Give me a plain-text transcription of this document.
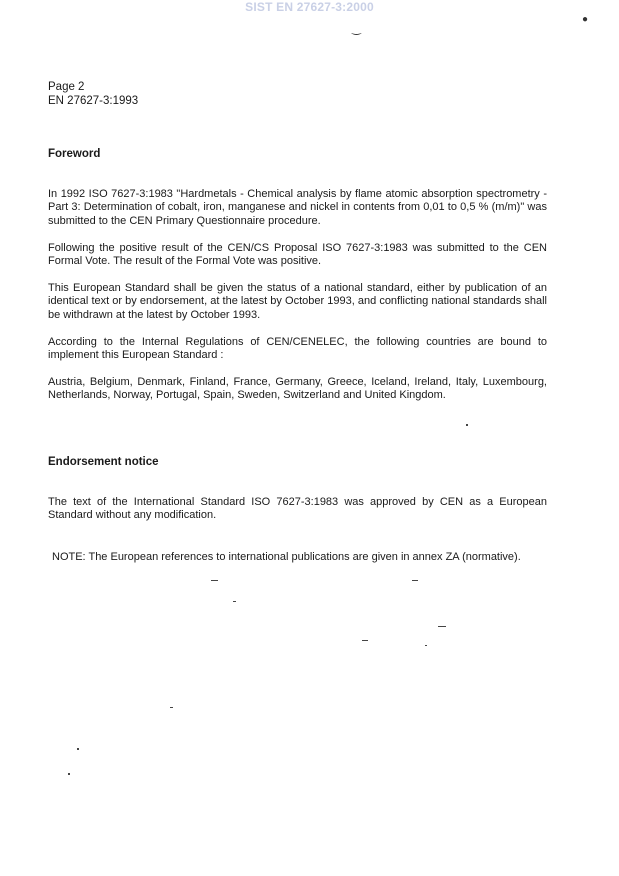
SIST EN 27627-3:2000
‿
●
Page 2
EN 27627-3:1993
Foreword
In 1992 ISO 7627-3:1983 "Hardmetals - Chemical analysis by flame atomic absorption spectrometry - Part 3: Determination of cobalt, iron, manganese and nickel in contents from 0,01 to 0,5 % (m/m)" was submitted to the CEN Primary Questionnaire procedure.
Following the positive result of the CEN/CS Proposal ISO 7627-3:1983 was submitted to the CEN Formal Vote. The result of the Formal Vote was positive.
This European Standard shall be given the status of a national standard, either by publication of an identical text or by endorsement, at the latest by October 1993, and conflicting national standards shall be withdrawn at the latest by October 1993.
According to the Internal Regulations of CEN/CENELEC, the following countries are bound to implement this European Standard :
Austria, Belgium, Denmark, Finland, France, Germany, Greece, Iceland, Ireland, Italy, Luxembourg, Netherlands, Norway, Portugal, Spain, Sweden, Switzerland and United Kingdom.
Endorsement notice
The text of the International Standard ISO 7627-3:1983 was approved by CEN as a European Standard without any modification.
NOTE: The European references to international publications are given in annex ZA (normative).
